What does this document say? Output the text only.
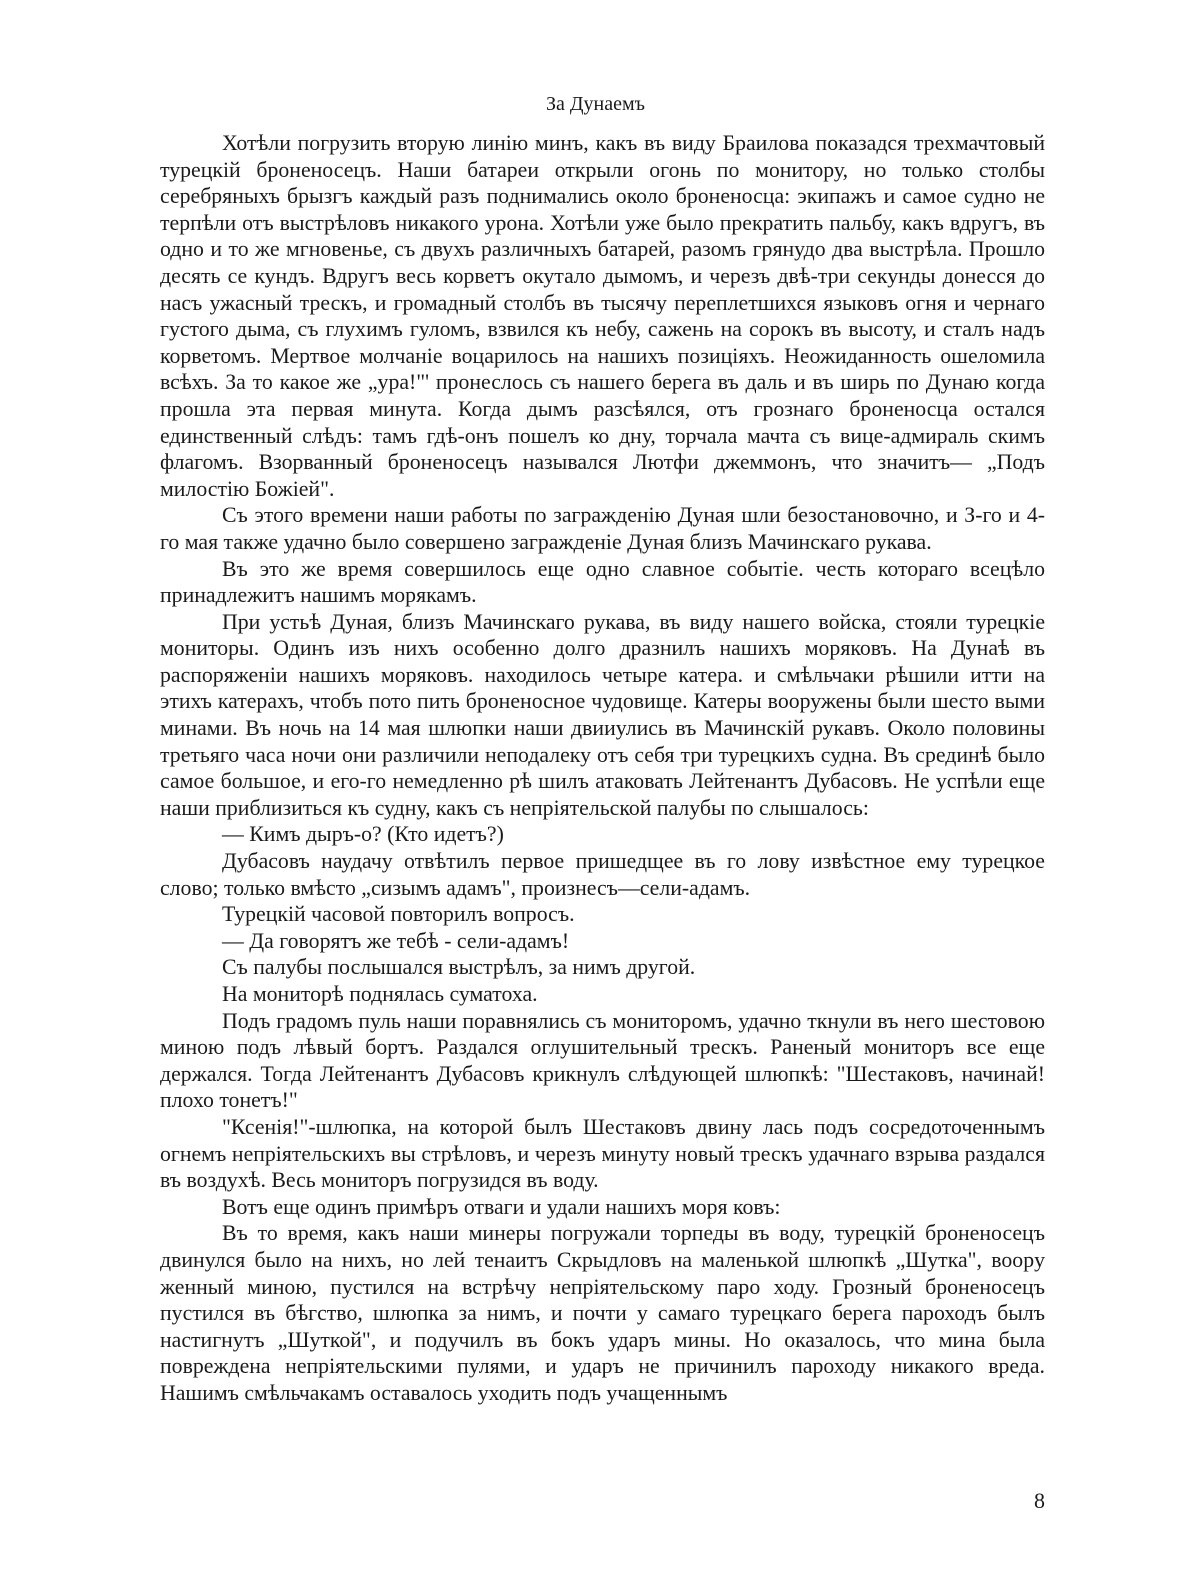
За Дунаемъ

Хотѣли погрузить вторую линію минъ, какъ въ виду Браилова показадся трехмачтовый турецкій броненосецъ. Наши батареи открыли огонь по монитору, но только столбы серебряныхъ брызгъ каждый разъ поднимались около броненосца: экипажъ и самое судно не терпѣли отъ выстрѣловъ никакого урона. Хотѣли уже было прекратить пальбу, какъ вдругъ, въ одно и то же мгновенье, съ двухъ различныхъ батарей, разомъ грянудо два выстрѣла. Прошло десять се кундъ. Вдругъ весь корветъ окутало дымомъ, и черезъ двѣ-три секунды донесся до насъ ужасный трескъ, и громадный столбъ въ тысячу переплетшихся языковъ огня и чернаго густого дыма, съ глухимъ гуломъ, взвился къ небу, сажень на сорокъ въ высоту, и сталъ надъ корветомъ. Мертвое молчаніе воцарилось на нашихъ позиціяхъ. Неожиданность ошеломила всѣхъ. За то какое же „ура!"' пронеслось съ нашего берега въ даль и въ ширь по Дунаю когда прошла эта первая минута. Когда дымъ разсѣялся, отъ грознаго броненосца остался единственный слѣдъ: тамъ гдѣ-онъ пошелъ ко дну, торчала мачта съ вице-адмираль скимъ флагомъ. Взорванный броненосецъ назывался Лютфи джеммонъ, что значитъ— „Подъ милостію Божіей".

Съ этого времени наши работы по загражденію Дуная шли безостановочно, и З-го и 4-го мая также удачно было совершено загражденіе Дуная близъ Мачинскагo рукава.

Въ это же время совершилось еще одно славное событіе. честь котораго всецѣло принадлежитъ нашимъ морякамъ.

При устьѣ Дуная, близъ Мачинскаго рукава, въ виду нашего войска, стояли турецкіе мониторы. Одинъ изъ нихъ особенно долго дразнилъ нашихъ моряковъ. На Дунаѣ въ распоряженіи нашихъ моряковъ. находилось четыре катера. и смѣльчаки рѣшили итти на этихъ катерахъ, чтобъ пото пить броненосное чудовище. Катеры вооружены были шесто выми минами. Въ ночь на 14 мая шлюпки наши двииулись въ Мачинскій рукавъ. Около половины третьяго часа ночи они различили неподалеку отъ себя три турецкихъ судна. Въ срединѣ было самое большое, и его-го немедленно рѣ шилъ атаковать Лейтенантъ Дубасовъ. Не успѣли еще наши приблизиться къ судну, какъ съ непріятельской палубы по слышалось:

— Кимъ дыръ-о? (Кто идетъ?)

Дубасовъ наудачу отвѣтилъ первое пришедщее въ го лову извѣстное ему турецкое слово; только вмѣсто „сизымъ адамъ", произнесъ—сели-адамъ.

Турецкій часовой повторилъ вопросъ.

— Да говорятъ же тебѣ - сели-адамъ!

Съ палубы послышался выстрѣлъ, за нимъ другой.

На мониторѣ поднялась суматоха.

Подъ градомъ пуль наши поравнялись съ мониторомъ, удачно ткнули въ него шестовою миною подъ лѣвый бортъ. Раздался оглушительный трескъ. Раненый мониторъ все еще держался. Тогда Лейтенантъ Дубасовъ крикнулъ слѣдующей шлюпкѣ: "Шестаковъ, начинай! плохо тонетъ!"

"Ксенія!"-шлюпка, на которой былъ Шестаковъ двину лась подъ сосредоточеннымъ огнемъ непріятельскихъ вы стрѣловъ, и черезъ минуту новый трескъ удачнаго взрыва раздался въ воздухѣ. Весь мониторъ погрузидся въ воду.

Вотъ еще одинъ примѣръ отваги и удали нашихъ моря ковъ:

Въ то время, какъ наши минеры погружали торпеды въ воду, турецкій броненосецъ двинулся было на нихъ, но лей тенаитъ Скрыдловъ на маленькой шлюпкѣ „Шутка", вооpу женный миною, пустился на встрѣчу непріятельскому паро ходу. Грозный броненосецъ пустился въ бѣгство, шлюпка за нимъ, и почти у самаго турецкаго берега пароходъ былъ настигнутъ „Шуткой", и подучилъ въ бокъ ударъ мины. Но оказалось, что мина была повреждена непріятельскими пулями, и ударъ не причинилъ пароходу никакого вреда. Нашимъ смѣльчакамъ оставалось уходить подъ учащеннымъ

8
